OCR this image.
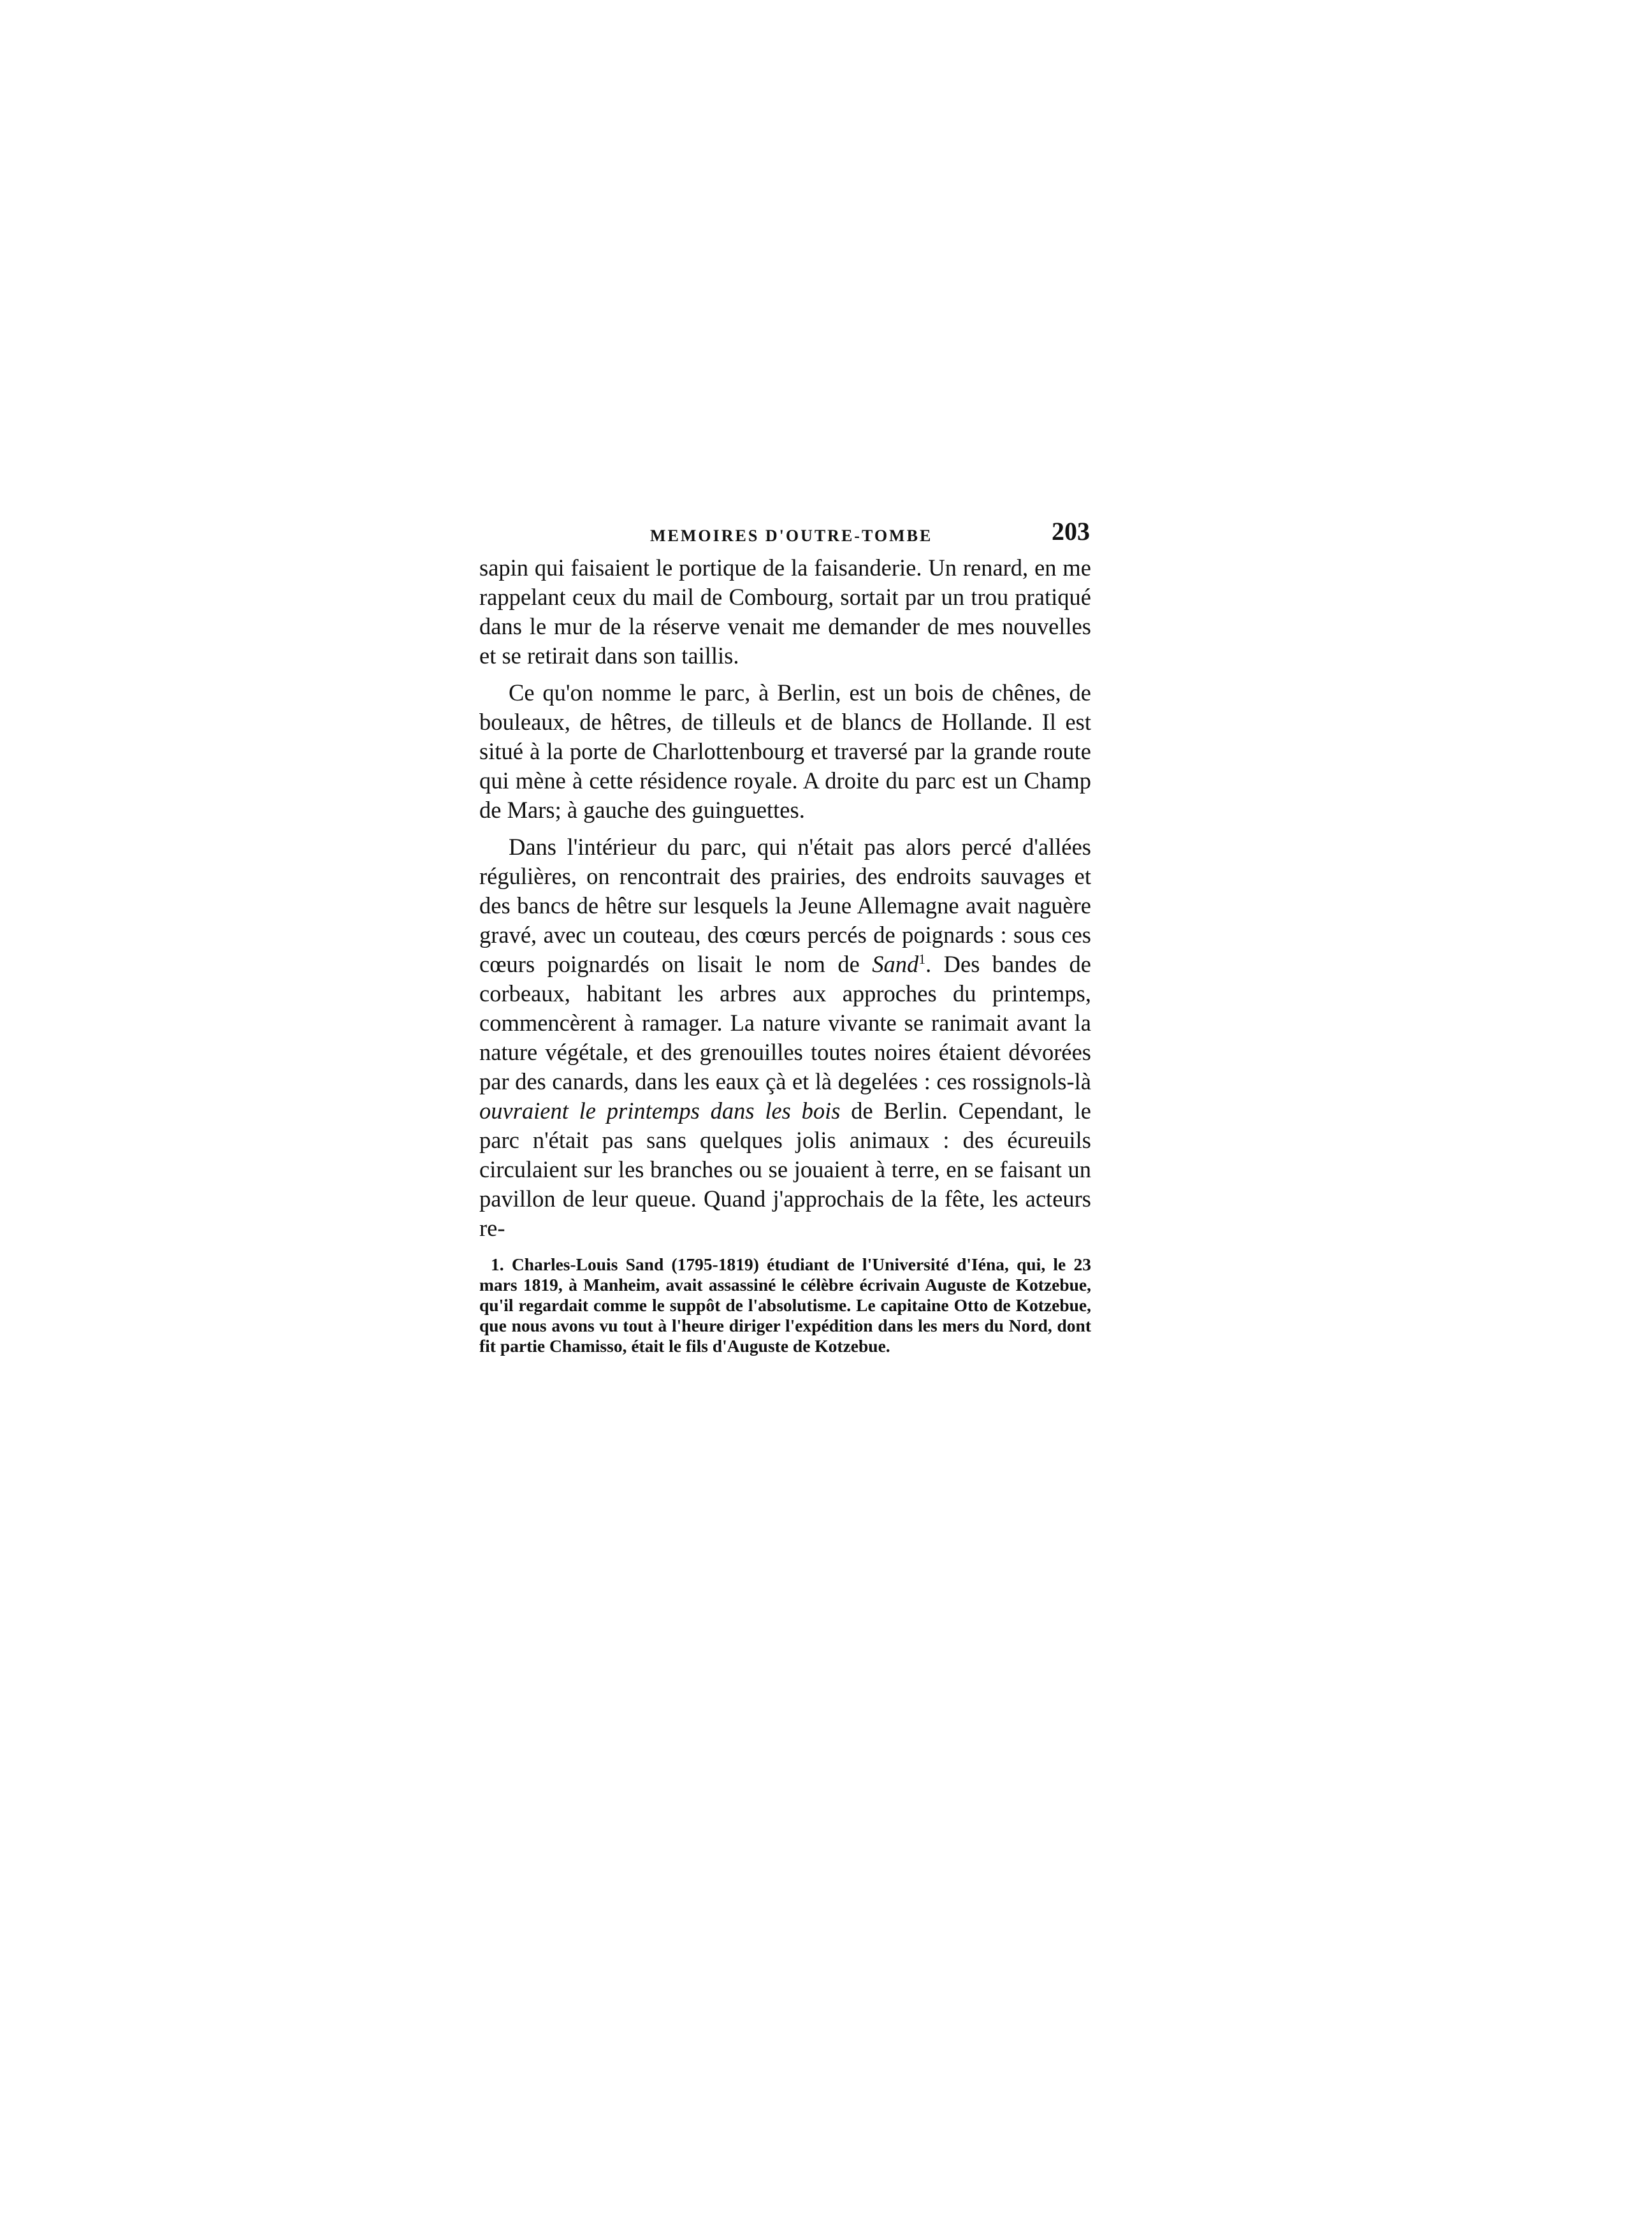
MEMOIRES D'OUTRE-TOMBE	203

sapin qui faisaient le portique de la faisanderie. Un renard, en me rappelant ceux du mail de Combourg, sortait par un trou pratiqué dans le mur de la réserve venait me demander de mes nouvelles et se retirait dans son taillis.

Ce qu'on nomme le parc, à Berlin, est un bois de chênes, de bouleaux, de hêtres, de tilleuls et de blancs de Hollande. Il est situé à la porte de Charlottenbourg et traversé par la grande route qui mène à cette résidence royale. A droite du parc est un Champ de Mars; à gauche des guinguettes.

Dans l'intérieur du parc, qui n'était pas alors percé d'allées régulières, on rencontrait des prairies, des endroits sauvages et des bancs de hêtre sur lesquels la Jeune Allemagne avait naguère gravé, avec un couteau, des cœurs percés de poignards : sous ces cœurs poignardés on lisait le nom de Sand$^1$. Des bandes de corbeaux, habitant les arbres aux approches du printemps, commencèrent à ramager. La nature vivante se ranimait avant la nature végétale, et des grenouilles toutes noires étaient dévorées par des canards, dans les eaux çà et là degelées : ces rossignols-là ouvraient le printemps dans les bois de Berlin. Cependant, le parc n'était pas sans quelques jolis animaux : des écureuils circulaient sur les branches ou se jouaient à terre, en se faisant un pavillon de leur queue. Quand j'approchais de la fête, les acteurs re-

1. Charles-Louis Sand (1795-1819) étudiant de l'Université d'Iéna, qui, le 23 mars 1819, à Manheim, avait assassiné le célèbre écrivain Auguste de Kotzebue, qu'il regardait comme le suppôt de l'absolutisme. Le capitaine Otto de Kotzebue, que nous avons vu tout à l'heure diriger l'expédition dans les mers du Nord, dont fit partie Chamisso, était le fils d'Auguste de Kotzebue.
